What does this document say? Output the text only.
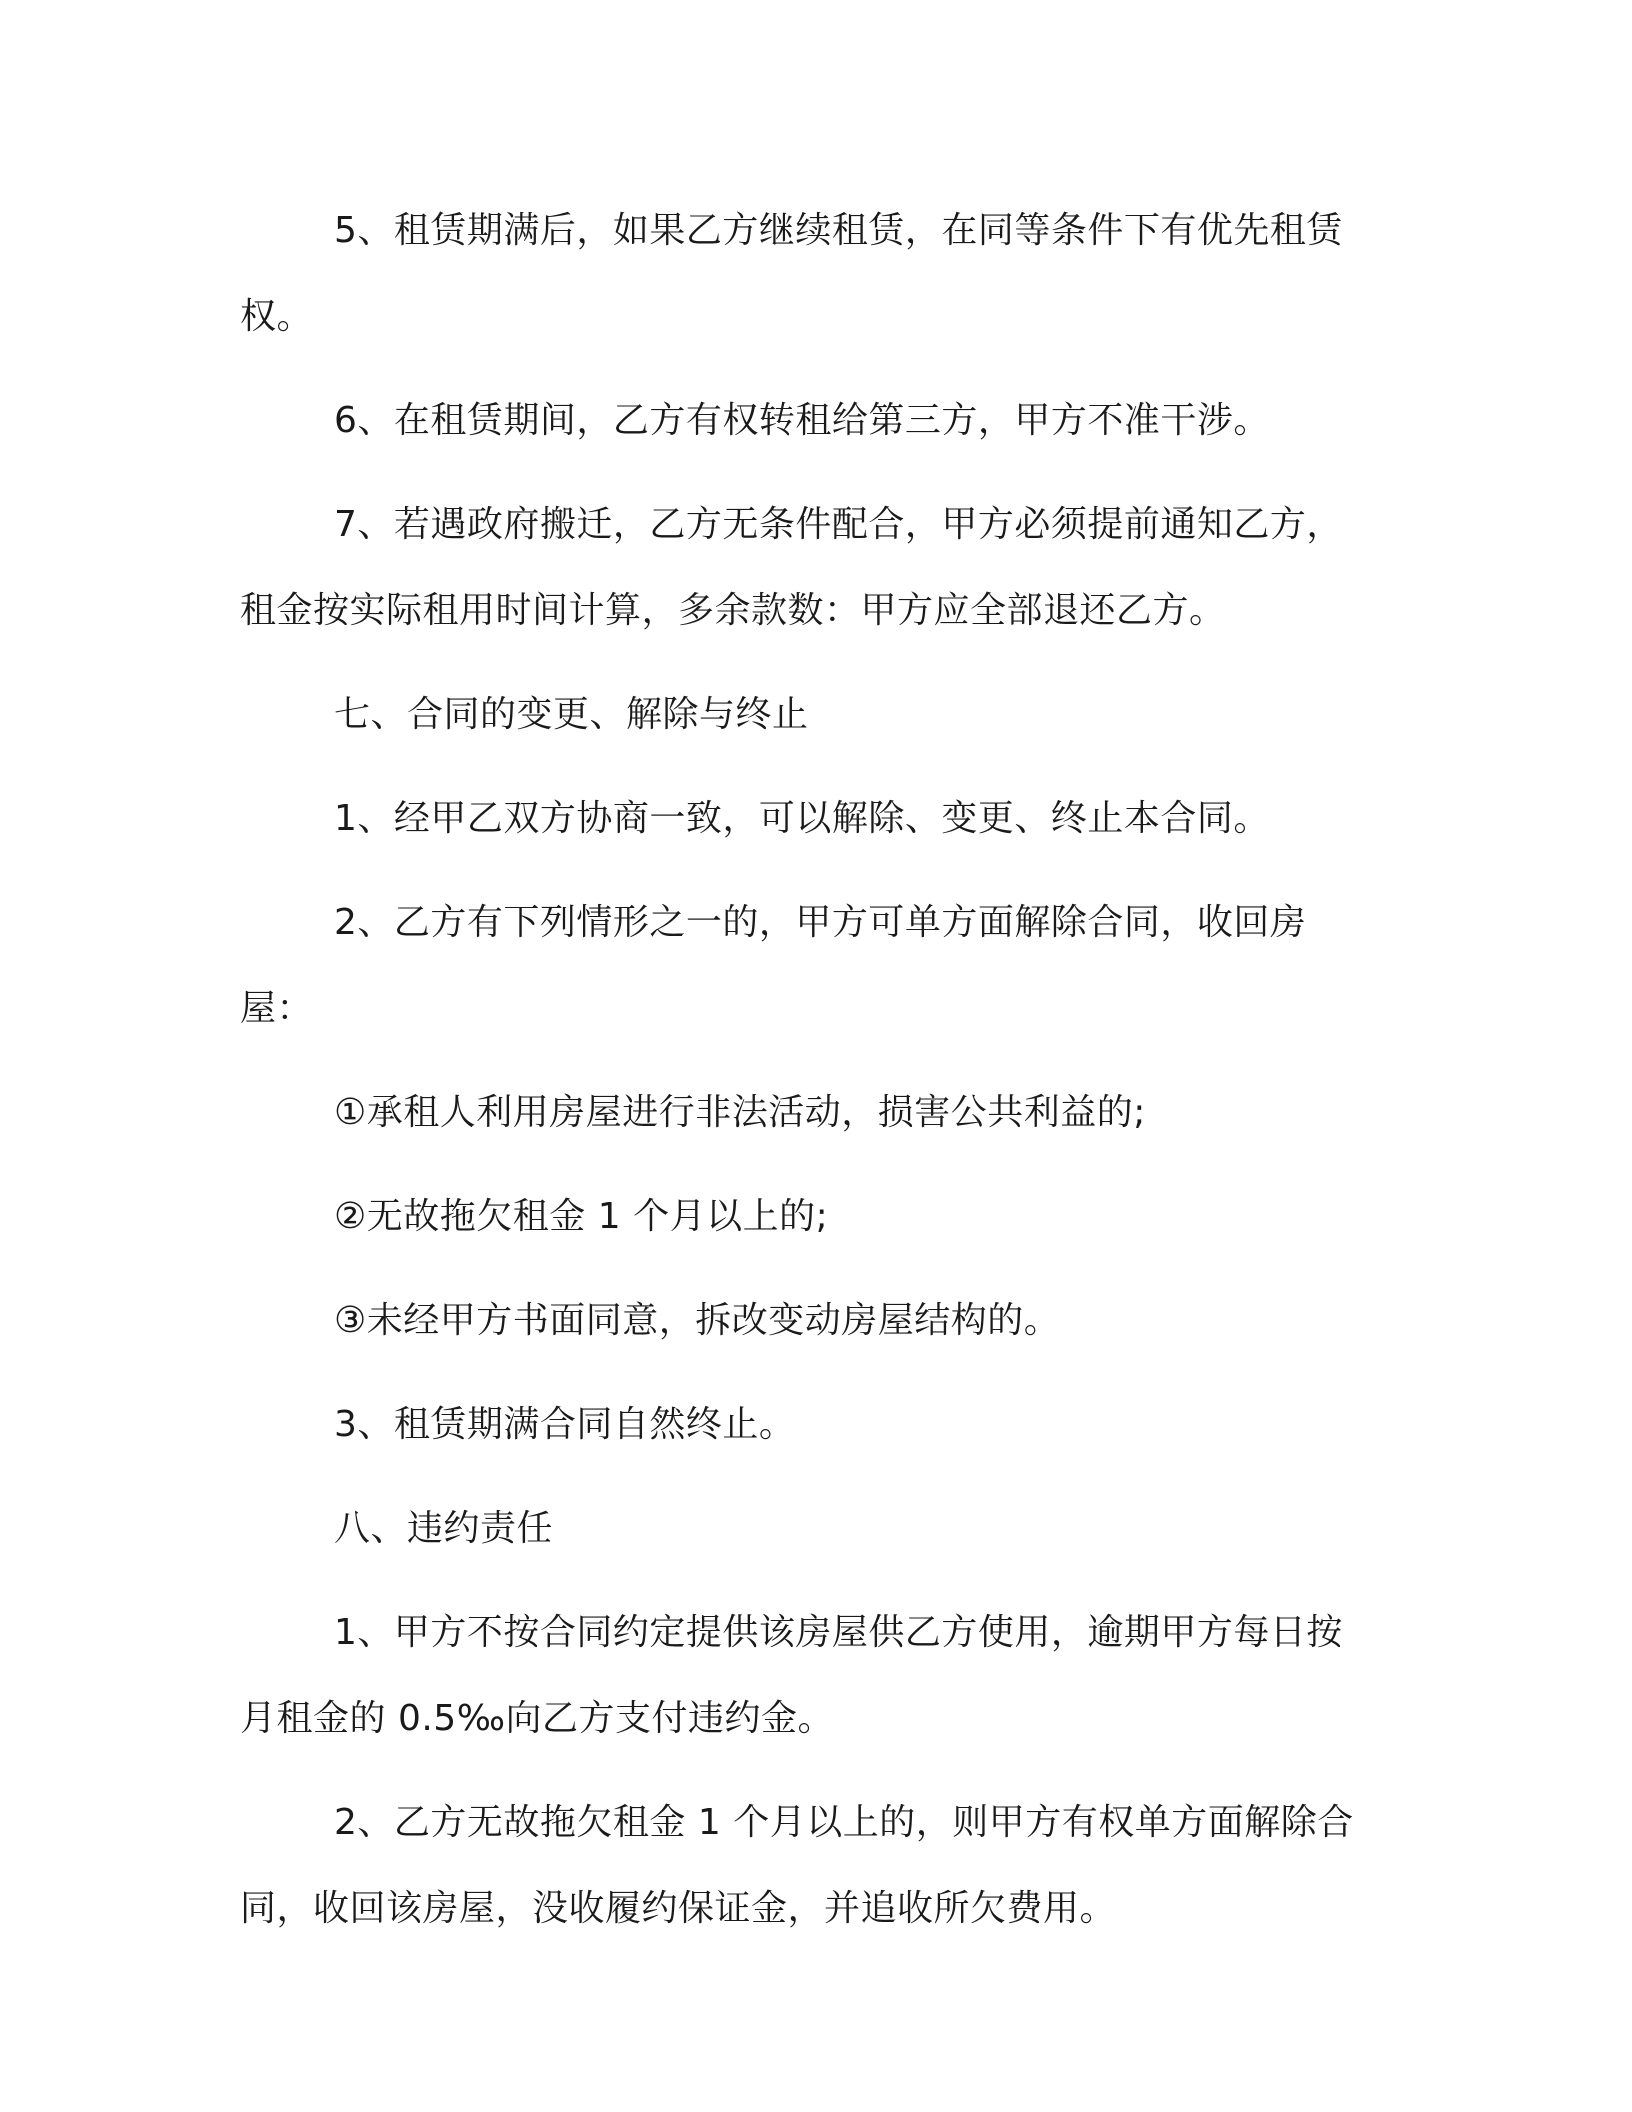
5、租赁期满后，如果乙方继续租赁，在同等条件下有优先租赁权。

6、在租赁期间，乙方有权转租给第三方，甲方不准干涉。

7、若遇政府搬迁，乙方无条件配合，甲方必须提前通知乙方，租金按实际租用时间计算，多余款数：甲方应全部退还乙方。

七、合同的变更、解除与终止

1、经甲乙双方协商一致，可以解除、变更、终止本合同。

2、乙方有下列情形之一的，甲方可单方面解除合同，收回房屋：

①承租人利用房屋进行非法活动，损害公共利益的;

②无故拖欠租金 1 个月以上的;

③未经甲方书面同意，拆改变动房屋结构的。

3、租赁期满合同自然终止。

八、违约责任

1、甲方不按合同约定提供该房屋供乙方使用，逾期甲方每日按月租金的 0.5‰向乙方支付违约金。

2、乙方无故拖欠租金 1 个月以上的，则甲方有权单方面解除合同，收回该房屋，没收履约保证金，并追收所欠费用。
